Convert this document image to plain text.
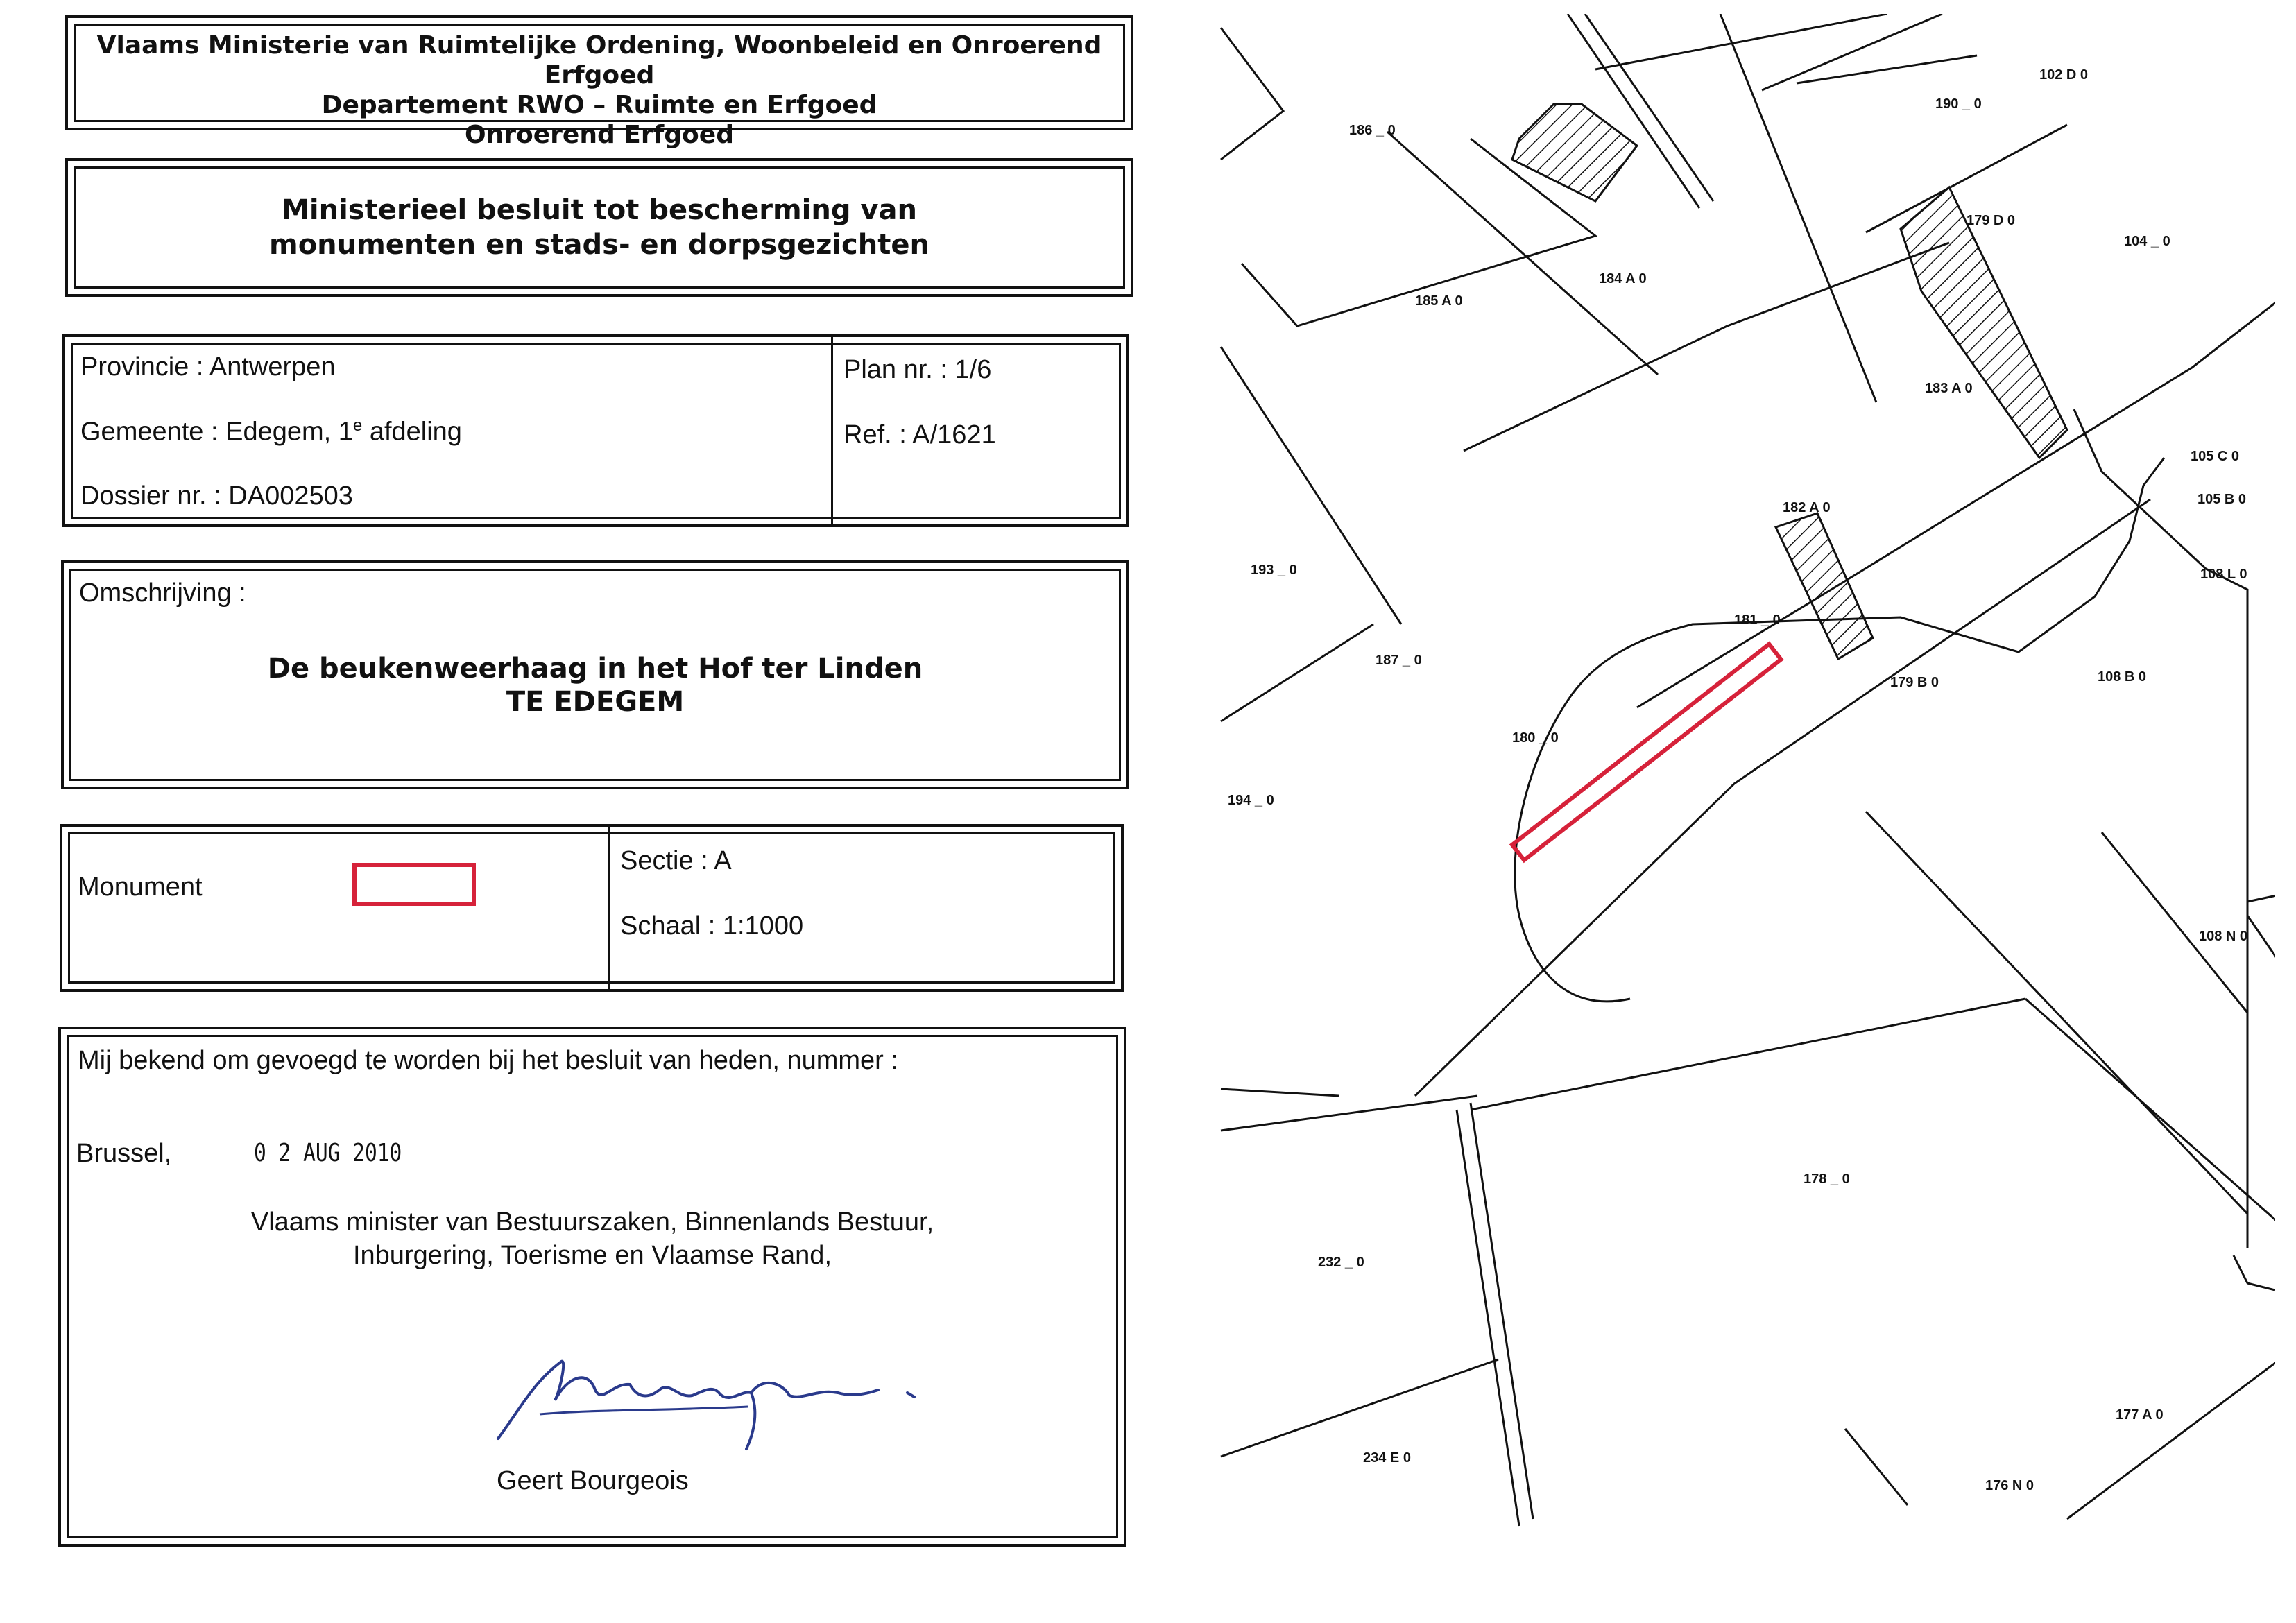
Vlaams Ministerie van Ruimtelijke Ordening, Woonbeleid en Onroerend Erfgoed
Departement RWO – Ruimte en Erfgoed
Onroerend Erfgoed
Ministerieel besluit tot bescherming van
monumenten en stads- en dorpsgezichten
Provincie : Antwerpen
Gemeente : Edegem, 1e afdeling
Dossier nr. : DA002503
Plan nr. : 1/6
Ref. : A/1621
Omschrijving :
De beukenweerhaag in het Hof ter Linden
TE EDEGEM
Monument
Sectie : A
Schaal : 1:1000
Mij bekend om gevoegd te worden bij het besluit van heden, nummer :
Brussel,	0 2 AUG 2010
Vlaams minister van Bestuurszaken, Binnenlands Bestuur,
Inburgering, Toerisme en Vlaamse Rand,
Geert Bourgeois
186 _ 0
190 _ 0
102 D 0
179 D 0
104 _ 0
184 A 0
185 A 0
183 A 0
105 C 0
105 B 0
182 A 0
193 _ 0	108 L 0
181 _ 0
187 _ 0
179 B 0	108 B 0
180 _ 0
194 _ 0
108 N 0
178 _ 0
232 _ 0
177 A 0
234 E 0
176 N 0
